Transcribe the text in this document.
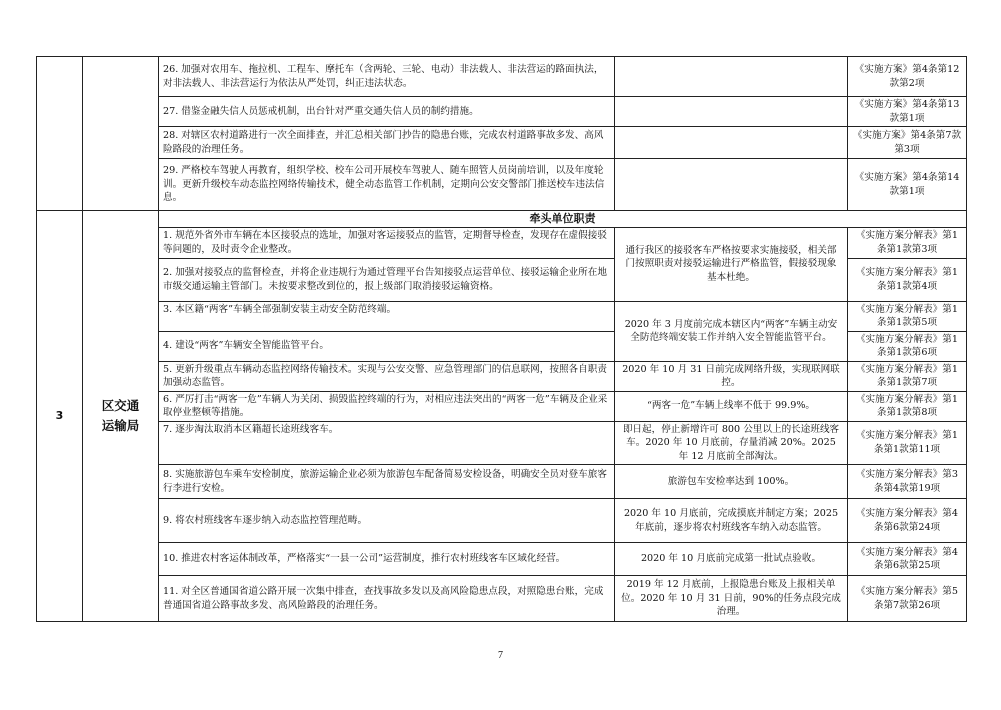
		26. 加强对农用车、拖拉机、工程车、摩托车（含两轮、三轮、电动）非法载人、非法营运的路面执法，对非法载人、非法营运行为依法从严处罚，纠正违法状态。		《实施方案》第4条第12款第2项
		27. 借鉴金融失信人员惩戒机制，出台针对严重交通失信人员的制约措施。		《实施方案》第4条第13款第1项
		28. 对辖区农村道路进行一次全面排查，并汇总相关部门抄告的隐患台账，完成农村道路事故多发、高风险路段的治理任务。		《实施方案》第4条第7款第3项
		29. 严格校车驾驶人再教育，组织学校、校车公司开展校车驾驶人、随车照管人员岗前培训，以及年度轮训。更新升级校车动态监控网络传输技术，健全动态监管工作机制，定期向公安交警部门推送校车违法信息。		《实施方案》第4条第14款第1项
3	区交通运输局	牵头单位职责		
		1. 规范外省外市车辆在本区接驳点的选址，加强对客运接驳点的监管，定期督导检查，发现存在虚假接驳等问题的，及时责令企业整改。	通行我区的接驳客车严格按要求实施接驳，相关部门按照职责对接驳运输进行严格监管，假接驳现象基本杜绝。	《实施方案分解表》第1条第1款第3项
		2. 加强对接驳点的监督检查，并将企业违规行为通过管理平台告知接驳点运营单位、接驳运输企业所在地市级交通运输主管部门。未按要求整改到位的，报上级部门取消接驳运输资格。		《实施方案分解表》第1条第1款第4项
		3. 本区籍“两客”车辆全部强制安装主动安全防范终端。	2020 年 3 月度前完成本辖区内“两客”车辆主动安全防范终端安装工作并纳入安全智能监管平台。	《实施方案分解表》第1条第1款第5项
		4. 建设“两客”车辆安全智能监管平台。		《实施方案分解表》第1条第1款第6项
		5. 更新升级重点车辆动态监控网络传输技术。实现与公安交警、应急管理部门的信息联网，按照各自职责加强动态监管。	2020 年 10 月 31 日前完成网络升级，实现联网联控。	《实施方案分解表》第1条第1款第7项
		6. 严厉打击“两客一危”车辆人为关闭、损毁监控终端的行为，对相应违法突出的“两客一危”车辆及企业采取停业整顿等措施。	“两客一危”车辆上线率不低于 99.9%。	《实施方案分解表》第1条第1款第8项
		7. 逐步淘汰取消本区籍超长途班线客车。	即日起，停止新增许可 800 公里以上的长途班线客车。2020 年 10 月底前，存量消减 20%。2025 年 12 月底前全部淘汰。	《实施方案分解表》第1条第1款第11项
		8. 实施旅游包车乘车安检制度，旅游运输企业必须为旅游包车配备简易安检设备，明确安全员对登车旅客行李进行安检。	旅游包车安检率达到 100%。	《实施方案分解表》第3条第4款第19项
		9. 将农村班线客车逐步纳入动态监控管理范畴。	2020 年 10 月底前，完成摸底并制定方案；2025 年底前，逐步将农村班线客车纳入动态监管。	《实施方案分解表》第4条第6款第24项
		10. 推进农村客运体制改革，严格落实“一县一公司”运营制度，推行农村班线客车区域化经营。	2020 年 10 月底前完成第一批试点验收。	《实施方案分解表》第4条第6款第25项
		11. 对全区普通国省道公路开展一次集中排查，查找事故多发以及高风险隐患点段，对照隐患台账，完成普通国省道公路事故多发、高风险路段的治理任务。	2019 年 12 月底前，上报隐患台账及上报相关单位。2020 年 10 月 31 日前，90%的任务点段完成治理。	《实施方案分解表》第5条第7款第26项
7
